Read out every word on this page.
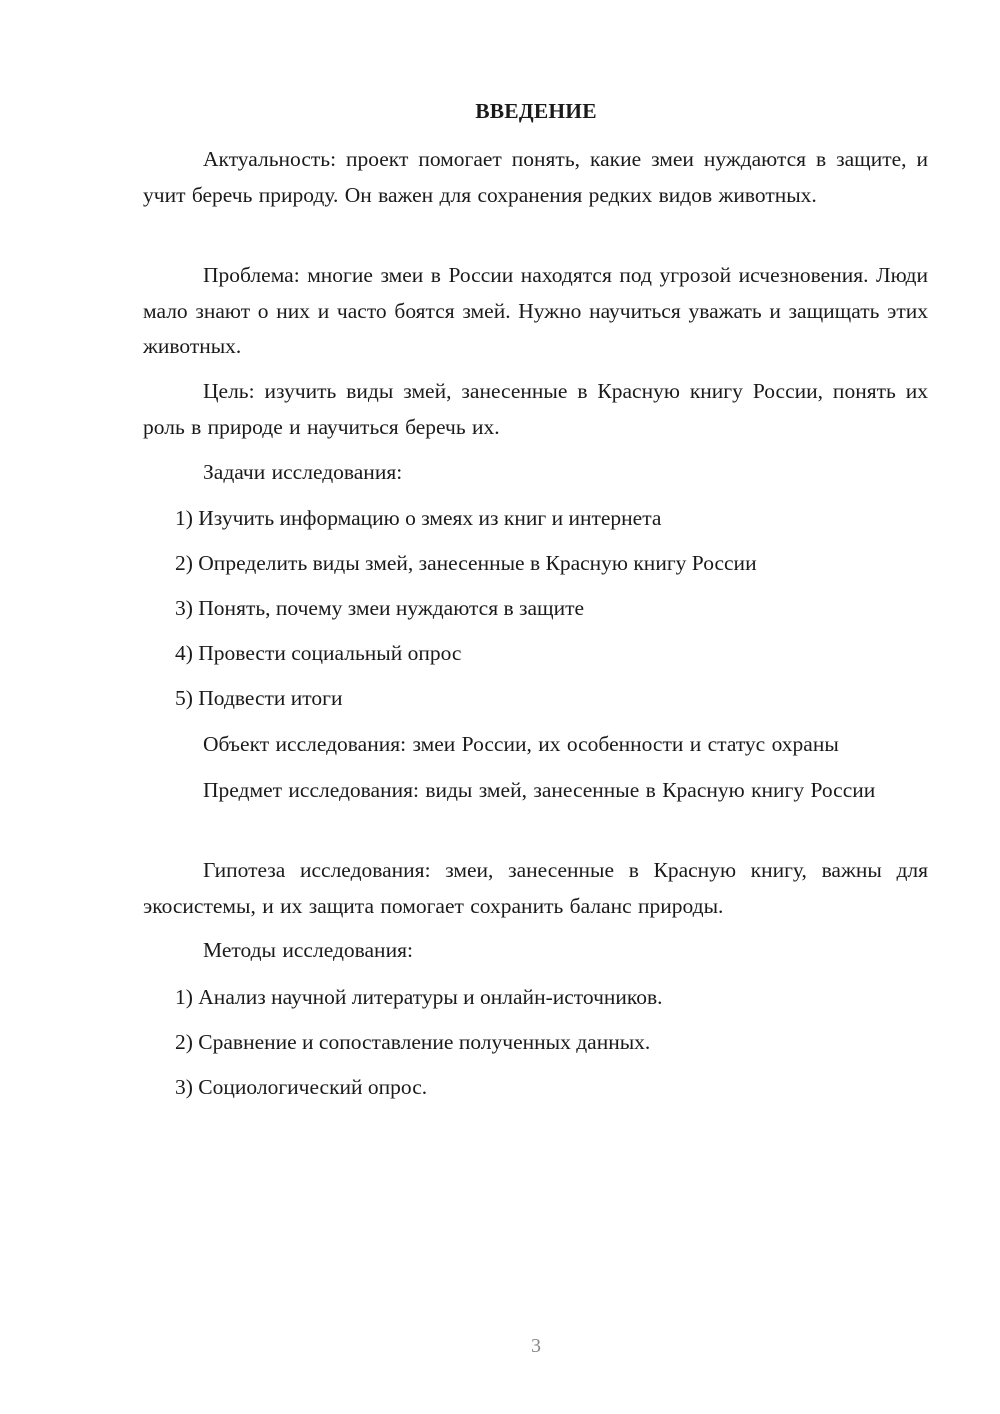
ВВЕДЕНИЕ

Актуальность: проект помогает понять, какие змеи нуждаются в защите, и учит беречь природу. Он важен для сохранения редких видов животных.

Проблема: многие змеи в России находятся под угрозой исчезновения. Люди мало знают о них и часто боятся змей. Нужно научиться уважать и защищать этих животных.

Цель: изучить виды змей, занесенные в Красную книгу России, понять их роль в природе и научиться беречь их.

Задачи исследования:

1) Изучить информацию о змеях из книг и интернета

2) Определить виды змей, занесенные в Красную книгу России

3) Понять, почему змеи нуждаются в защите

4) Провести социальный опрос

5) Подвести итоги

Объект исследования: змеи России, их особенности и статус охраны

Предмет исследования: виды змей, занесенные в Красную книгу России

Гипотеза исследования: змеи, занесенные в Красную книгу, важны для экосистемы, и их защита помогает сохранить баланс природы.

Методы исследования:

1) Анализ научной литературы и онлайн-источников.

2) Сравнение и сопоставление полученных данных.

3) Социологический опрос.

3
